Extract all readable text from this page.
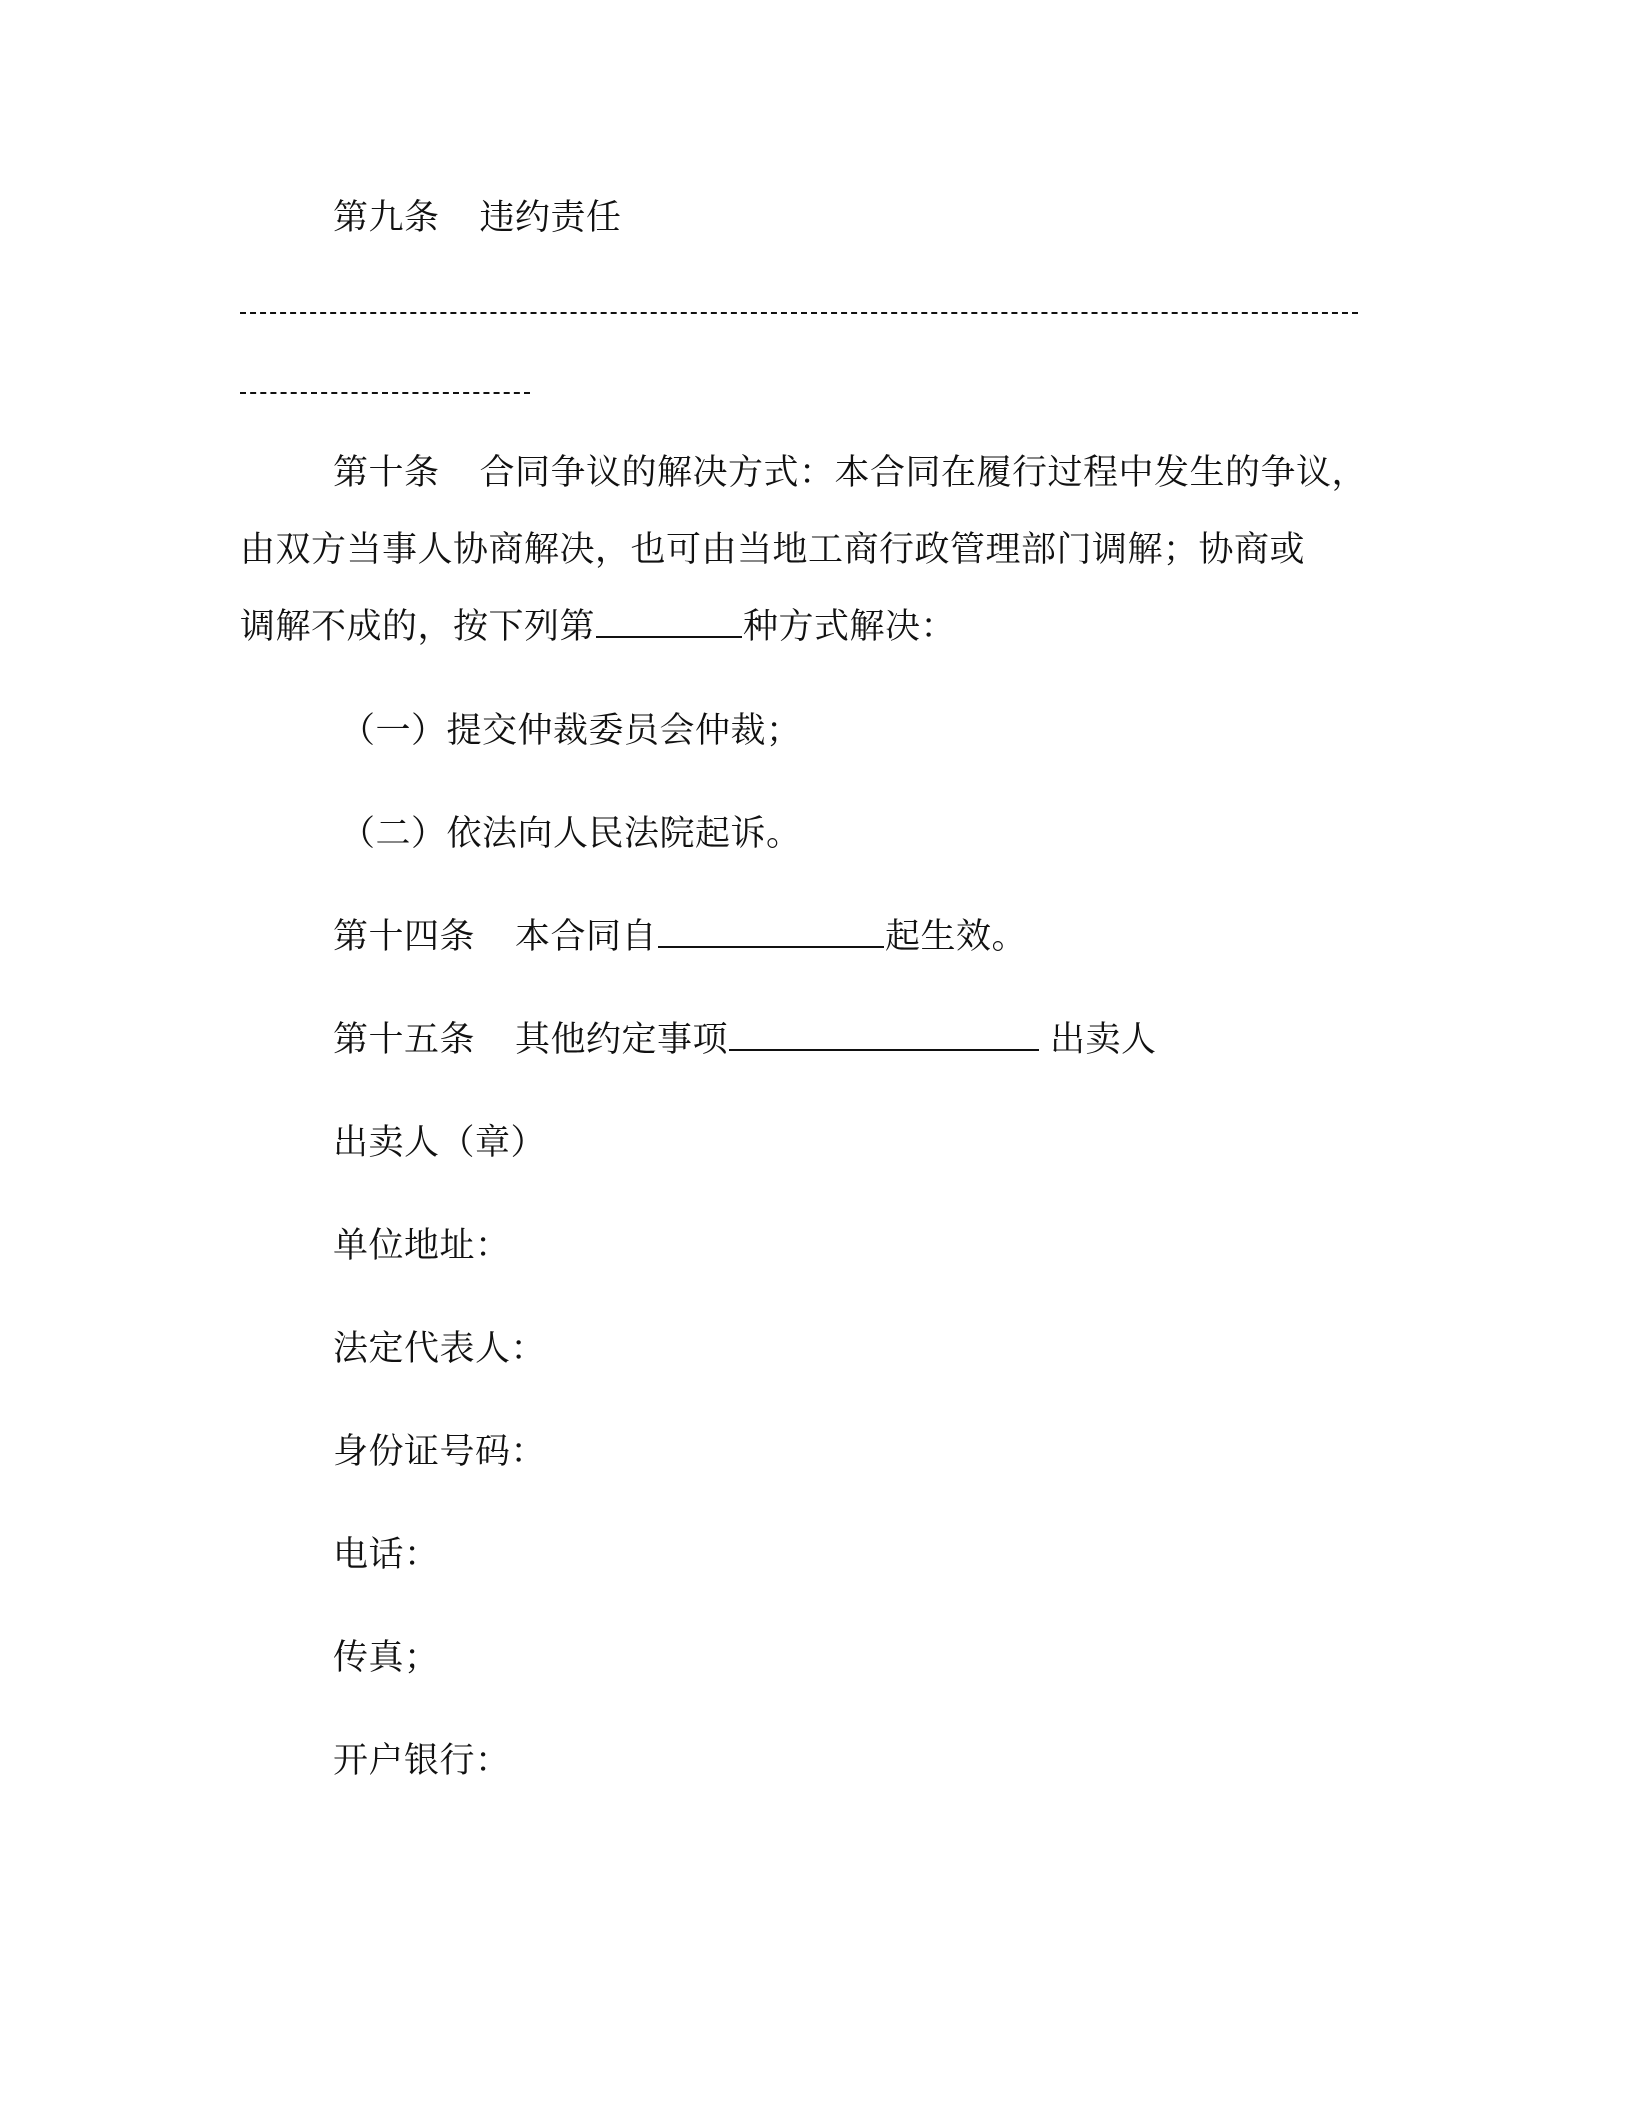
第九条 违约责任
第十条 合同争议的解决方式：本合同在履行过程中发生的争议，
由双方当事人协商解决，也可由当地工商行政管理部门调解；协商或
调解不成的，按下列第	种方式解决：
（一）提交仲裁委员会仲裁；
（二）依法向人民法院起诉。
第十四条 本合同自	起生效。
第十五条 其他约定事项	出卖人
出卖人（章）
单位地址：
法定代表人：
身份证号码：
电话：
传真；
开户银行：
